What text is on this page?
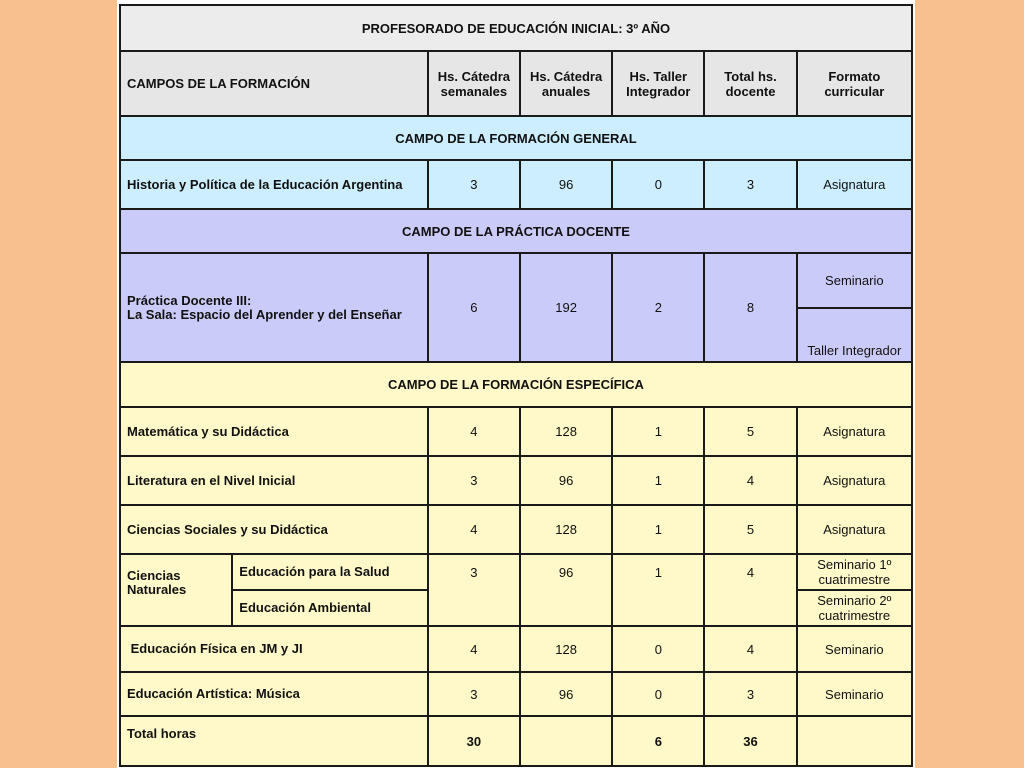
PROFESORADO DE EDUCACIÓN INICIAL: 3º AÑO						
CAMPOS DE LA FORMACIÓN		Hs. Cátedra semanales	Hs. Cátedra anuales	Hs. Taller Integrador	Total hs. docente	Formato curricular
CAMPO DE LA FORMACIÓN GENERAL						
Historia y Política de la Educación Argentina		3	96	0	3	Asignatura
CAMPO DE LA PRÁCTICA DOCENTE						

Práctica Docente III:
La Sala: Espacio del Aprender y del Enseñar		6	192	2	8	Seminario
						Taller Integrador
CAMPO DE LA FORMACIÓN ESPECÍFICA						
Matemática y su Didáctica		4	128	1	5	Asignatura
Literatura en el Nivel Inicial		3	96	1	4	Asignatura
Ciencias Sociales y su Didáctica		4	128	1	5	Asignatura
Ciencias Naturales	Educación para la Salud	3	96	1	4	Seminario 1º cuatrimestre
	Educación Ambiental					Seminario 2º cuatrimestre
Educación Física en JM y JI		4	128	0	4	Seminario
Educación Artística: Música		3	96	0	3	Seminario
Total horas		30		6	36	
